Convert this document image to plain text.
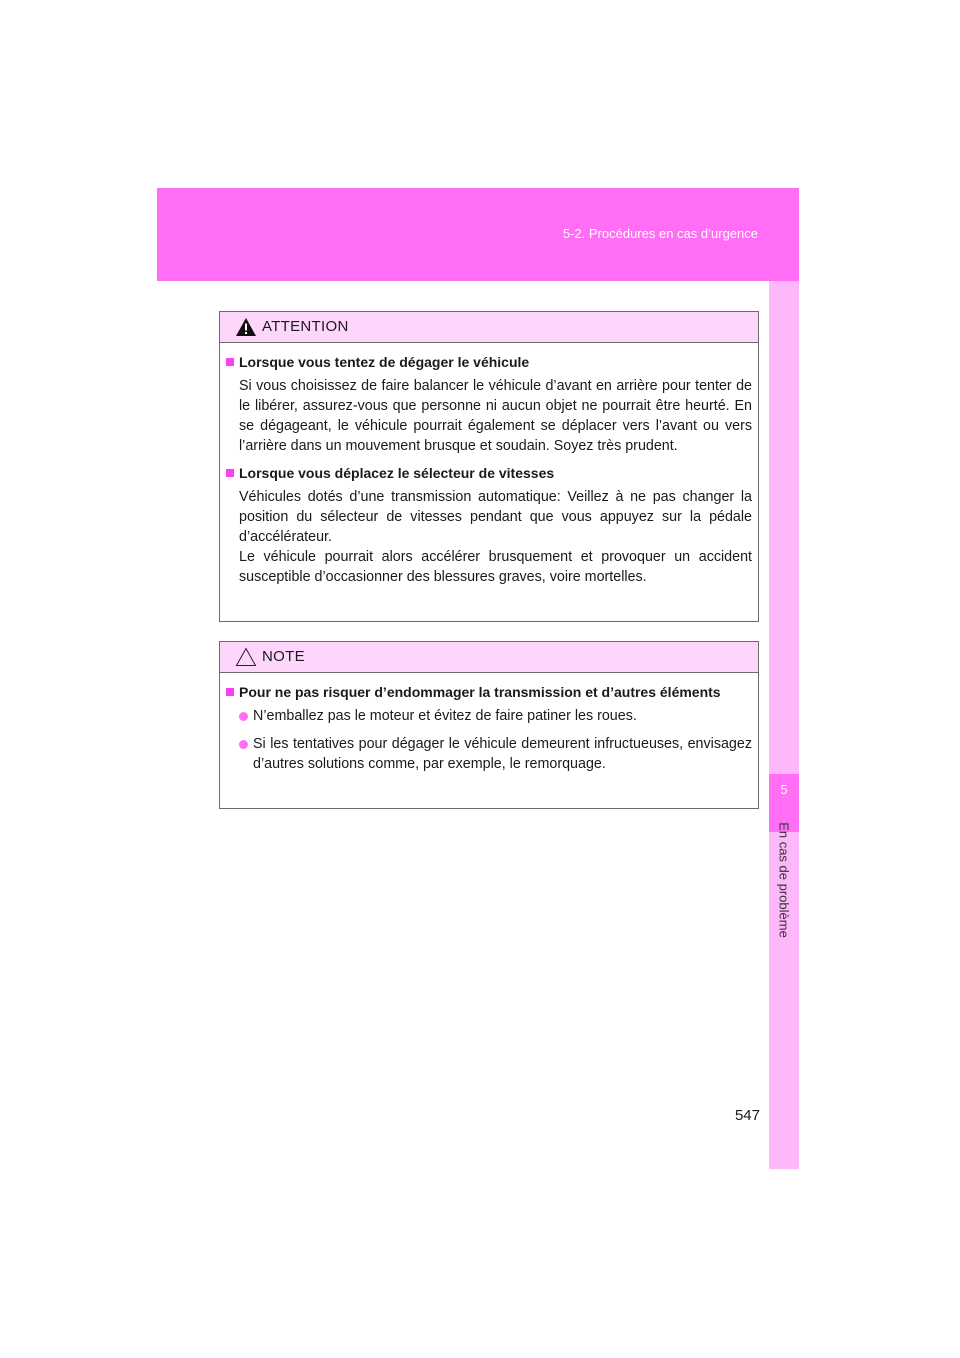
5-2. Procédures en cas d’urgence
5
En cas de problème
ATTENTION
Lorsque vous tentez de dégager le véhicule

Si vous choisissez de faire balancer le véhicule d’avant en arrière pour tenter de le libérer, assurez-vous que personne ni aucun objet ne pourrait être heurté. En se dégageant, le véhicule pourrait également se déplacer vers l’avant ou vers l’arrière dans un mouvement brusque et soudain. Soyez très prudent.

Lorsque vous déplacez le sélecteur de vitesses

Véhicules dotés d’une transmission automatique: Veillez à ne pas changer la position du sélecteur de vitesses pendant que vous appuyez sur la pédale d’accélérateur.
Le véhicule pourrait alors accélérer brusquement et provoquer un accident susceptible d’occasionner des blessures graves, voire mortelles.

NOTE
Pour ne pas risquer d’endommager la transmission et d’autres éléments
N’emballez pas le moteur et évitez de faire patiner les roues.
Si les tentatives pour dégager le véhicule demeurent infructueuses, envisagez d’autres solutions comme, par exemple, le remorquage.
547
